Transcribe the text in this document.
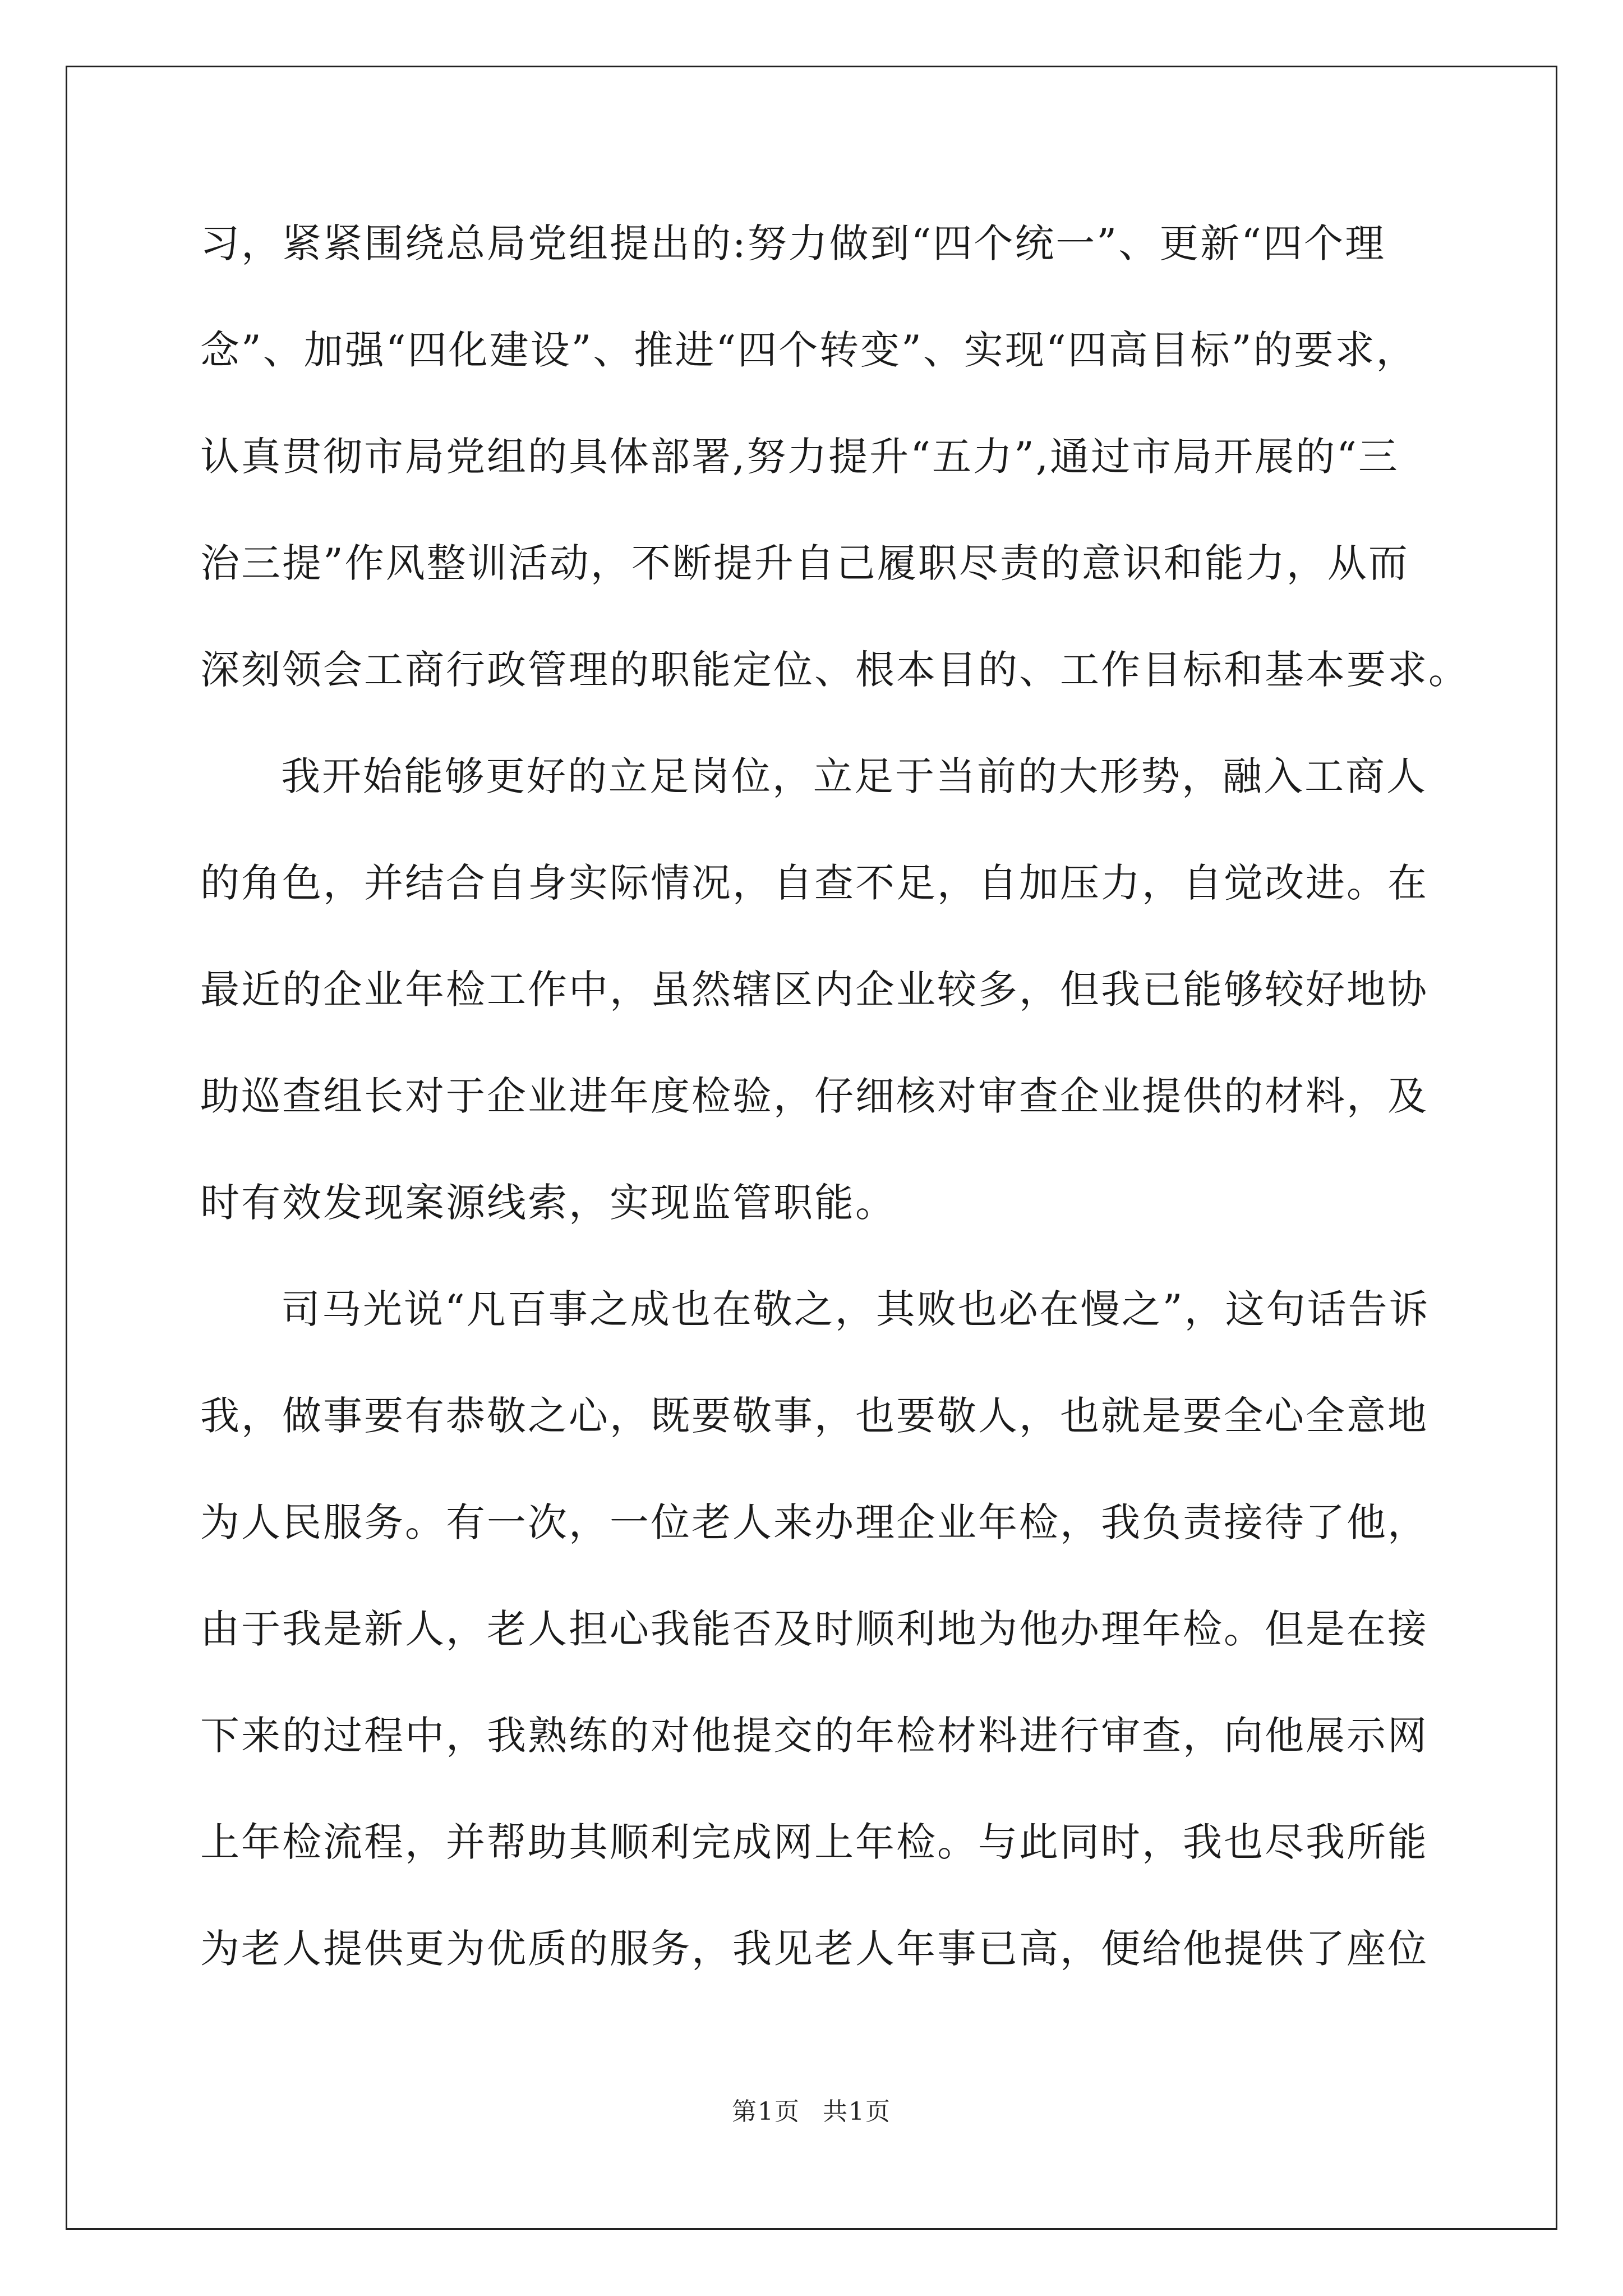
习，紧紧围绕总局党组提出的:努力做到“四个统一”、更新“四个理
念”、加强“四化建设”、推进“四个转变”、实现“四高目标”的要求，
认真贯彻市局党组的具体部署,努力提升“五力”,通过市局开展的“三
治三提”作风整训活动，不断提升自己履职尽责的意识和能力，从而
深刻领会工商行政管理的职能定位、根本目的、工作目标和基本要求。
我开始能够更好的立足岗位，立足于当前的大形势，融入工商人
的角色，并结合自身实际情况，自查不足，自加压力，自觉改进。在
最近的企业年检工作中，虽然辖区内企业较多，但我已能够较好地协
助巡查组长对于企业进年度检验，仔细核对审查企业提供的材料，及
时有效发现案源线索，实现监管职能。
司马光说“凡百事之成也在敬之，其败也必在慢之”，这句话告诉
我，做事要有恭敬之心，既要敬事，也要敬人，也就是要全心全意地
为人民服务。有一次，一位老人来办理企业年检，我负责接待了他，
由于我是新人，老人担心我能否及时顺利地为他办理年检。但是在接
下来的过程中，我熟练的对他提交的年检材料进行审查，向他展示网
上年检流程，并帮助其顺利完成网上年检。与此同时，我也尽我所能
为老人提供更为优质的服务，我见老人年事已高，便给他提供了座位
第1页 共1页
